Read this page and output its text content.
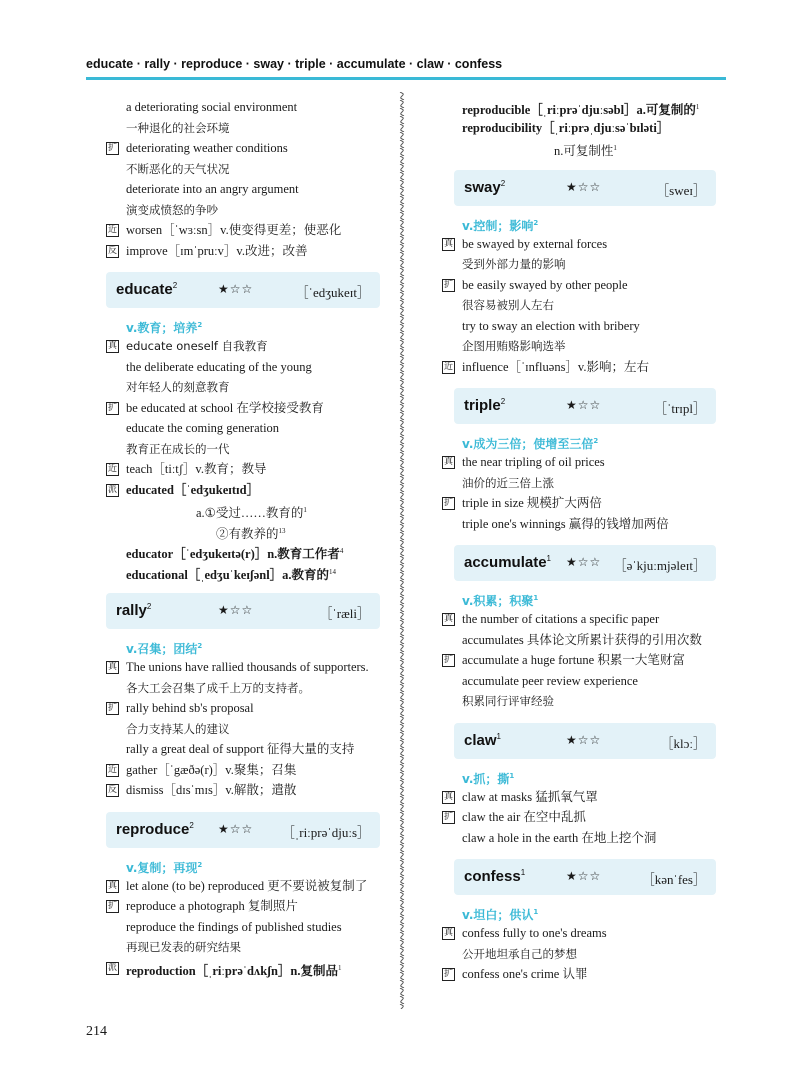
educate · rally · reproduce · sway · triple · accumulate · claw · confess
a deteriorating social environment
一种退化的社会环境
扩 deteriorating weather conditions
不断恶化的天气状况
deteriorate into an angry argument
演变成愤怒的争吵
近 worsen［ˈwɜːsn］v.使变得更差；使恶化
反 improve［ɪmˈpruːv］v.改进；改善
educate$^2$	★☆☆	［ˈedʒukeɪt］
v.教育；培养$^2$
真 educate oneself 自我教育
the deliberate educating of the young
对年轻人的刻意教育
扩 be educated at school 在学校接受教育
educate the coming generation
教育正在成长的一代
近 teach［tiːtʃ］v.教育；教导
派 educated［ˈedʒukeɪtɪd］
a.①受过……教育的$^1$
②有教养的$^{13}$
educator［ˈedʒukeɪtə(r)］n.教育工作者$^4$
educational［ˌedʒuˈkeɪʃənl］a.教育的$^{14}$
rally$^2$	★☆☆	［ˈræli］
v.召集；团结$^2$
真 The unions have rallied thousands of supporters.
各大工会召集了成千上万的支持者。
扩 rally behind sb's proposal
合力支持某人的建议
rally a great deal of support 征得大量的支持
近 gather［ˈgæðə(r)］v.聚集；召集
反 dismiss［dɪsˈmɪs］v.解散；遣散
reproduce$^2$ ★☆☆ ［ˌriːprəˈdjuːs］
v.复制；再现$^2$
真 let alone (to be) reproduced 更不要说被复制了
扩 reproduce a photograph 复制照片
reproduce the findings of published studies
再现已发表的研究结果
派 reproduction［ˌriːprəˈdʌkʃn］n.复制品$^1$
reproducible［ˌriːprəˈdjuːsəbl］a.可复制的$^1$
reproducibility［ˌriːprəˌdjuːsəˈbɪləti］
n.可复制性$^1$
sway$^2$	★☆☆	［sweɪ］
v.控制；影响$^2$
真 be swayed by external forces
受到外部力量的影响
扩 be easily swayed by other people
很容易被别人左右
try to sway an election with bribery
企图用贿赂影响选举
近 influence［ˈɪnfluəns］v.影响；左右
triple$^2$	★☆☆	［ˈtrɪpl］
v.成为三倍；使增至三倍$^2$
真 the near tripling of oil prices
油价的近三倍上涨
扩 triple in size 规模扩大两倍
triple one's winnings 赢得的钱增加两倍
accumulate$^1$ ★☆☆ ［əˈkjuːmjəleɪt］
v.积累；积聚$^1$
真 the number of citations a specific paper
accumulates 具体论文所累计获得的引用次数
扩 accumulate a huge fortune 积累一大笔财富
accumulate peer review experience
积累同行评审经验
claw$^1$	★☆☆	［klɔː］
v.抓；撕$^1$
真 claw at masks 猛抓氧气罩
扩 claw the air 在空中乱抓
claw a hole in the earth 在地上挖个洞
confess$^1$	★☆☆	［kənˈfes］
v.坦白；供认$^1$
真 confess fully to one's dreams
公开地坦承自己的梦想
扩 confess one's crime 认罪
214
